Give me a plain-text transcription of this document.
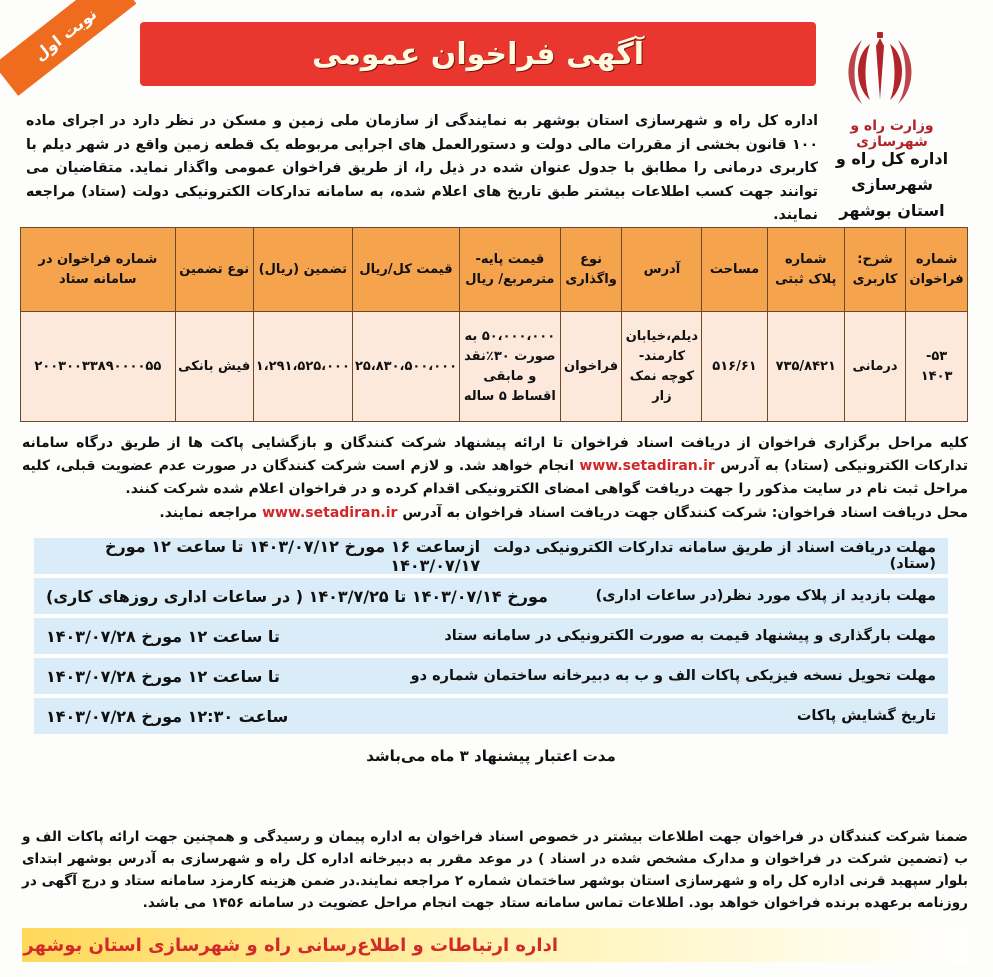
نوبت اول	آگهی فراخوان عمومی
وزارت راه و شهرسازی
اداره کل راه و شهرسازی
استان بوشهر
اداره کل راه و شهرسازی استان بوشهر به نمایندگی از سازمان ملی زمین و مسکن در نظر دارد در اجرای ماده ۱۰۰ قانون بخشی از مقررات مالی دولت و دستورالعمل های اجرایی مربوطه یک قطعه زمین واقع در شهر دیلم با کاربری درمانی را مطابق با جدول عنوان شده در ذیل را، از طریق فراخوان عمومی واگذار نماید. متقاضیان می توانند جهت کسب اطلاعات بیشتر طبق تاریخ های اعلام شده، به سامانه تدارکات الکترونیکی دولت (ستاد) مراجعه نمایند.
شماره فراخوان	شرح: کاربری	شماره پلاک ثبتی	مساحت	آدرس	نوع واگذاری	قیمت پایه- مترمربع/ ریال	قیمت کل/ریال	تضمین (ریال)	نوع تضمین	شماره فراخوان در سامانه ستاد
۵۳- ۱۴۰۳	درمانی	۷۳۵/۸۴۲۱	۵۱۶/۶۱	دیلم،خیابان کارمند-کوچه نمک زار	فراخوان	۵۰،۰۰۰،۰۰۰ به صورت ۳۰٪نقد و مابقی اقساط ۵ ساله	۲۵،۸۳۰،۵۰۰،۰۰۰	۱،۲۹۱،۵۲۵،۰۰۰	فیش بانکی	۲۰۰۳۰۰۳۳۸۹۰۰۰۰۵۵
کلیه مراحل برگزاری فراخوان از دریافت اسناد فراخوان تا ارائه پیشنهاد شرکت کنندگان و بازگشایی پاکت ها از طریق درگاه سامانه تدارکات الکترونیکی (ستاد) به آدرس www.setadiran.ir انجام خواهد شد. و لازم است شرکت کنندگان در صورت عدم عضویت قبلی، کلیه مراحل ثبت نام در سایت مذکور را جهت دریافت گواهی امضای الکترونیکی اقدام کرده و در فراخوان اعلام شده شرکت کنند.
محل دریافت اسناد فراخوان: شرکت کنندگان جهت دریافت اسناد فراخوان به آدرس www.setadiran.ir مراجعه نمایند.
مهلت دریافت اسناد از طریق سامانه تدارکات الکترونیکی دولت (ستاد)
ازساعت ۱۶ مورخ ۱۴۰۳/۰۷/۱۲ تا ساعت ۱۲ مورخ ۱۴۰۳/۰۷/۱۷
مهلت بازدید از پلاک مورد نظر(در ساعات اداری)
مورخ ۱۴۰۳/۰۷/۱۴ تا ۱۴۰۳/۷/۲۵ ( در ساعات اداری روزهای کاری)
مهلت بارگذاری و پیشنهاد قیمت به صورت الکترونیکی در سامانه ستاد
تا ساعت ۱۲ مورخ ۱۴۰۳/۰۷/۲۸
مهلت تحویل نسخه فیزیکی پاکات الف و ب به دبیرخانه ساختمان شماره دو
تا ساعت ۱۲ مورخ ۱۴۰۳/۰۷/۲۸
تاریخ گشایش پاکات
ساعت ۱۲:۳۰ مورخ ۱۴۰۳/۰۷/۲۸
مدت اعتبار پیشنهاد ۳ ماه می‌باشد
ضمنا شرکت کنندگان در فراخوان جهت اطلاعات بیشتر در خصوص اسناد فراخوان به اداره پیمان و رسیدگی و همچنین جهت ارائه پاکات الف و ب (تضمین شرکت در فراخوان و مدارک مشخص شده در اسناد ) در موعد مقرر به دبیرخانه اداره کل راه و شهرسازی به آدرس بوشهر ابتدای بلوار سپهبد قرنی اداره کل راه و شهرسازی استان بوشهر ساختمان شماره ۲ مراجعه نمایند.در ضمن هزینه کارمزد سامانه ستاد و درج آگهی در روزنامه برعهده برنده فراخوان خواهد بود. اطلاعات تماس سامانه ستاد جهت انجام مراحل عضویت در سامانه ۱۴۵۶ می باشد.
اداره ارتباطات و اطلاع‌رسانی راه و شهرسازی استان بوشهر
